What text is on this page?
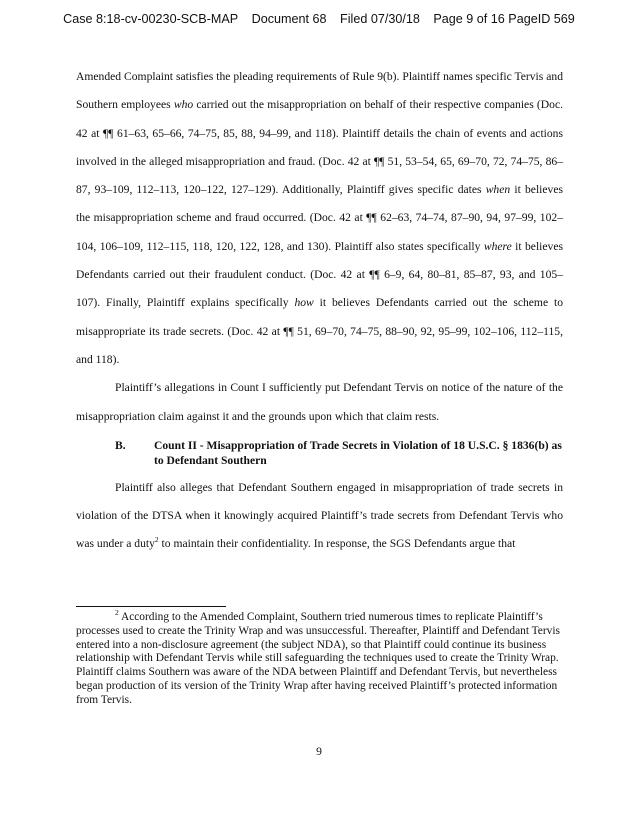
Case 8:18-cv-00230-SCB-MAP Document 68 Filed 07/30/18 Page 9 of 16 PageID 569

Amended Complaint satisfies the pleading requirements of Rule 9(b). Plaintiff names specific Tervis and Southern employees who carried out the misappropriation on behalf of their respective companies (Doc. 42 at ¶¶ 61–63, 65–66, 74–75, 85, 88, 94–99, and 118). Plaintiff details the chain of events and actions involved in the alleged misappropriation and fraud. (Doc. 42 at ¶¶ 51, 53–54, 65, 69–70, 72, 74–75, 86–87, 93–109, 112–113, 120–122, 127–129). Additionally, Plaintiff gives specific dates when it believes the misappropriation scheme and fraud occurred. (Doc. 42 at ¶¶ 62–63, 74–74, 87–90, 94, 97–99, 102–104, 106–109, 112–115, 118, 120, 122, 128, and 130). Plaintiff also states specifically where it believes Defendants carried out their fraudulent conduct. (Doc. 42 at ¶¶ 6–9, 64, 80–81, 85–87, 93, and 105–107). Finally, Plaintiff explains specifically how it believes Defendants carried out the scheme to misappropriate its trade secrets. (Doc. 42 at ¶¶ 51, 69–70, 74–75, 88–90, 92, 95–99, 102–106, 112–115, and 118).

Plaintiff’s allegations in Count I sufficiently put Defendant Tervis on notice of the nature of the misappropriation claim against it and the grounds upon which that claim rests.

B.	Count II - Misappropriation of Trade Secrets in Violation of 18 U.S.C. § 1836(b) as to Defendant Southern

Plaintiff also alleges that Defendant Southern engaged in misappropriation of trade secrets in violation of the DTSA when it knowingly acquired Plaintiff’s trade secrets from Defendant Tervis who was under a duty$^2$ to maintain their confidentiality. In response, the SGS Defendants argue that

$^2$ According to the Amended Complaint, Southern tried numerous times to replicate Plaintiff’s processes used to create the Trinity Wrap and was unsuccessful. Thereafter, Plaintiff and Defendant Tervis entered into a non-disclosure agreement (the subject NDA), so that Plaintiff could continue its business relationship with Defendant Tervis while still safeguarding the techniques used to create the Trinity Wrap. Plaintiff claims Southern was aware of the NDA between Plaintiff and Defendant Tervis, but nevertheless began production of its version of the Trinity Wrap after having received Plaintiff’s protected information from Tervis.

9
